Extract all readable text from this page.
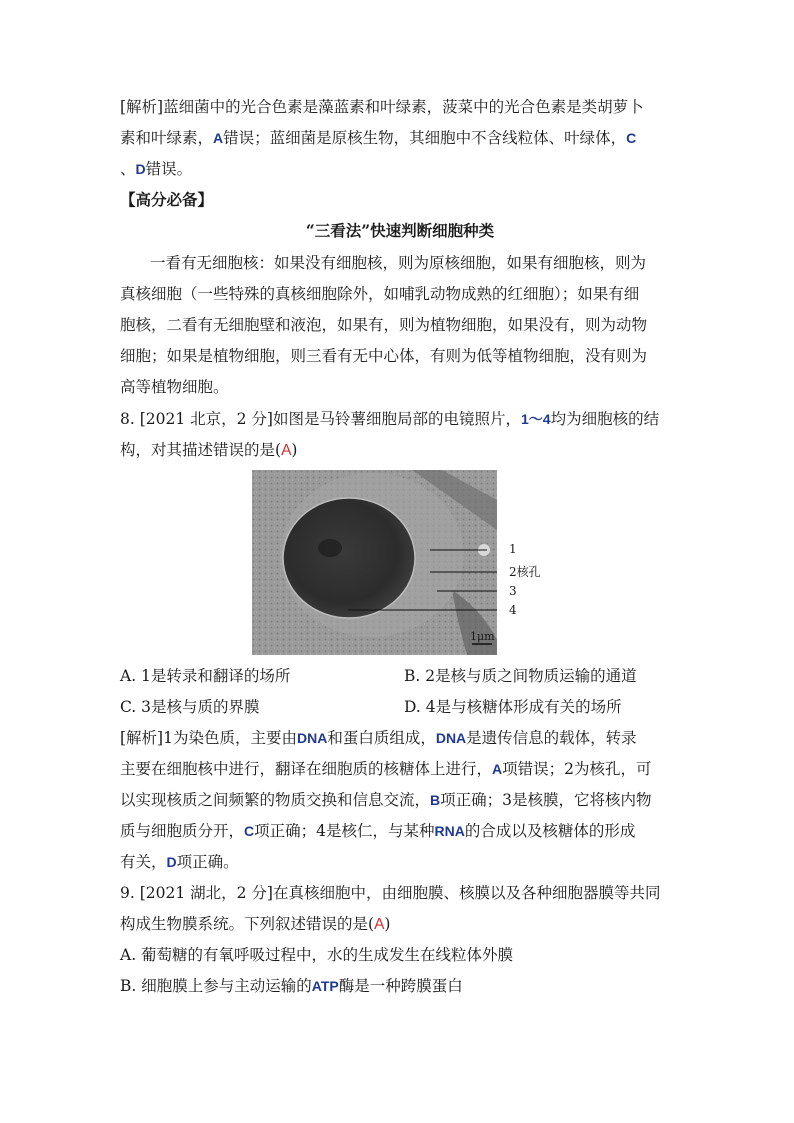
[解析]蓝细菌中的光合色素是藻蓝素和叶绿素，菠菜中的光合色素是类胡萝卜
素和叶绿素，A错误；蓝细菌是原核生物，其细胞中不含线粒体、叶绿体，C
、D错误。
【高分必备】
“三看法”快速判断细胞种类
一看有无细胞核：如果没有细胞核，则为原核细胞，如果有细胞核，则为
真核细胞（一些特殊的真核细胞除外，如哺乳动物成熟的红细胞）；如果有细
胞核，二看有无细胞壁和液泡，如果有，则为植物细胞，如果没有，则为动物
细胞；如果是植物细胞，则三看有无中心体，有则为低等植物细胞，没有则为
高等植物细胞。
8. [2021 北京，2 分]如图是马铃薯细胞局部的电镜照片，1～4均为细胞核的结
构，对其描述错误的是(A)
1
2核孔
3
4
1μm
A. 1是转录和翻译的场所	B. 2是核与质之间物质运输的通道
C. 3是核与质的界膜	D. 4是与核糖体形成有关的场所
[解析]1为染色质，主要由DNA和蛋白质组成，DNA是遗传信息的载体，转录
主要在细胞核中进行，翻译在细胞质的核糖体上进行，A项错误；2为核孔，可
以实现核质之间频繁的物质交换和信息交流，B项正确；3是核膜，它将核内物
质与细胞质分开，C项正确；4是核仁，与某种RNA的合成以及核糖体的形成
有关，D项正确。
9. [2021 湖北，2 分]在真核细胞中，由细胞膜、核膜以及各种细胞器膜等共同
构成生物膜系统。下列叙述错误的是(A)
A. 葡萄糖的有氧呼吸过程中，水的生成发生在线粒体外膜
B. 细胞膜上参与主动运输的ATP酶是一种跨膜蛋白
